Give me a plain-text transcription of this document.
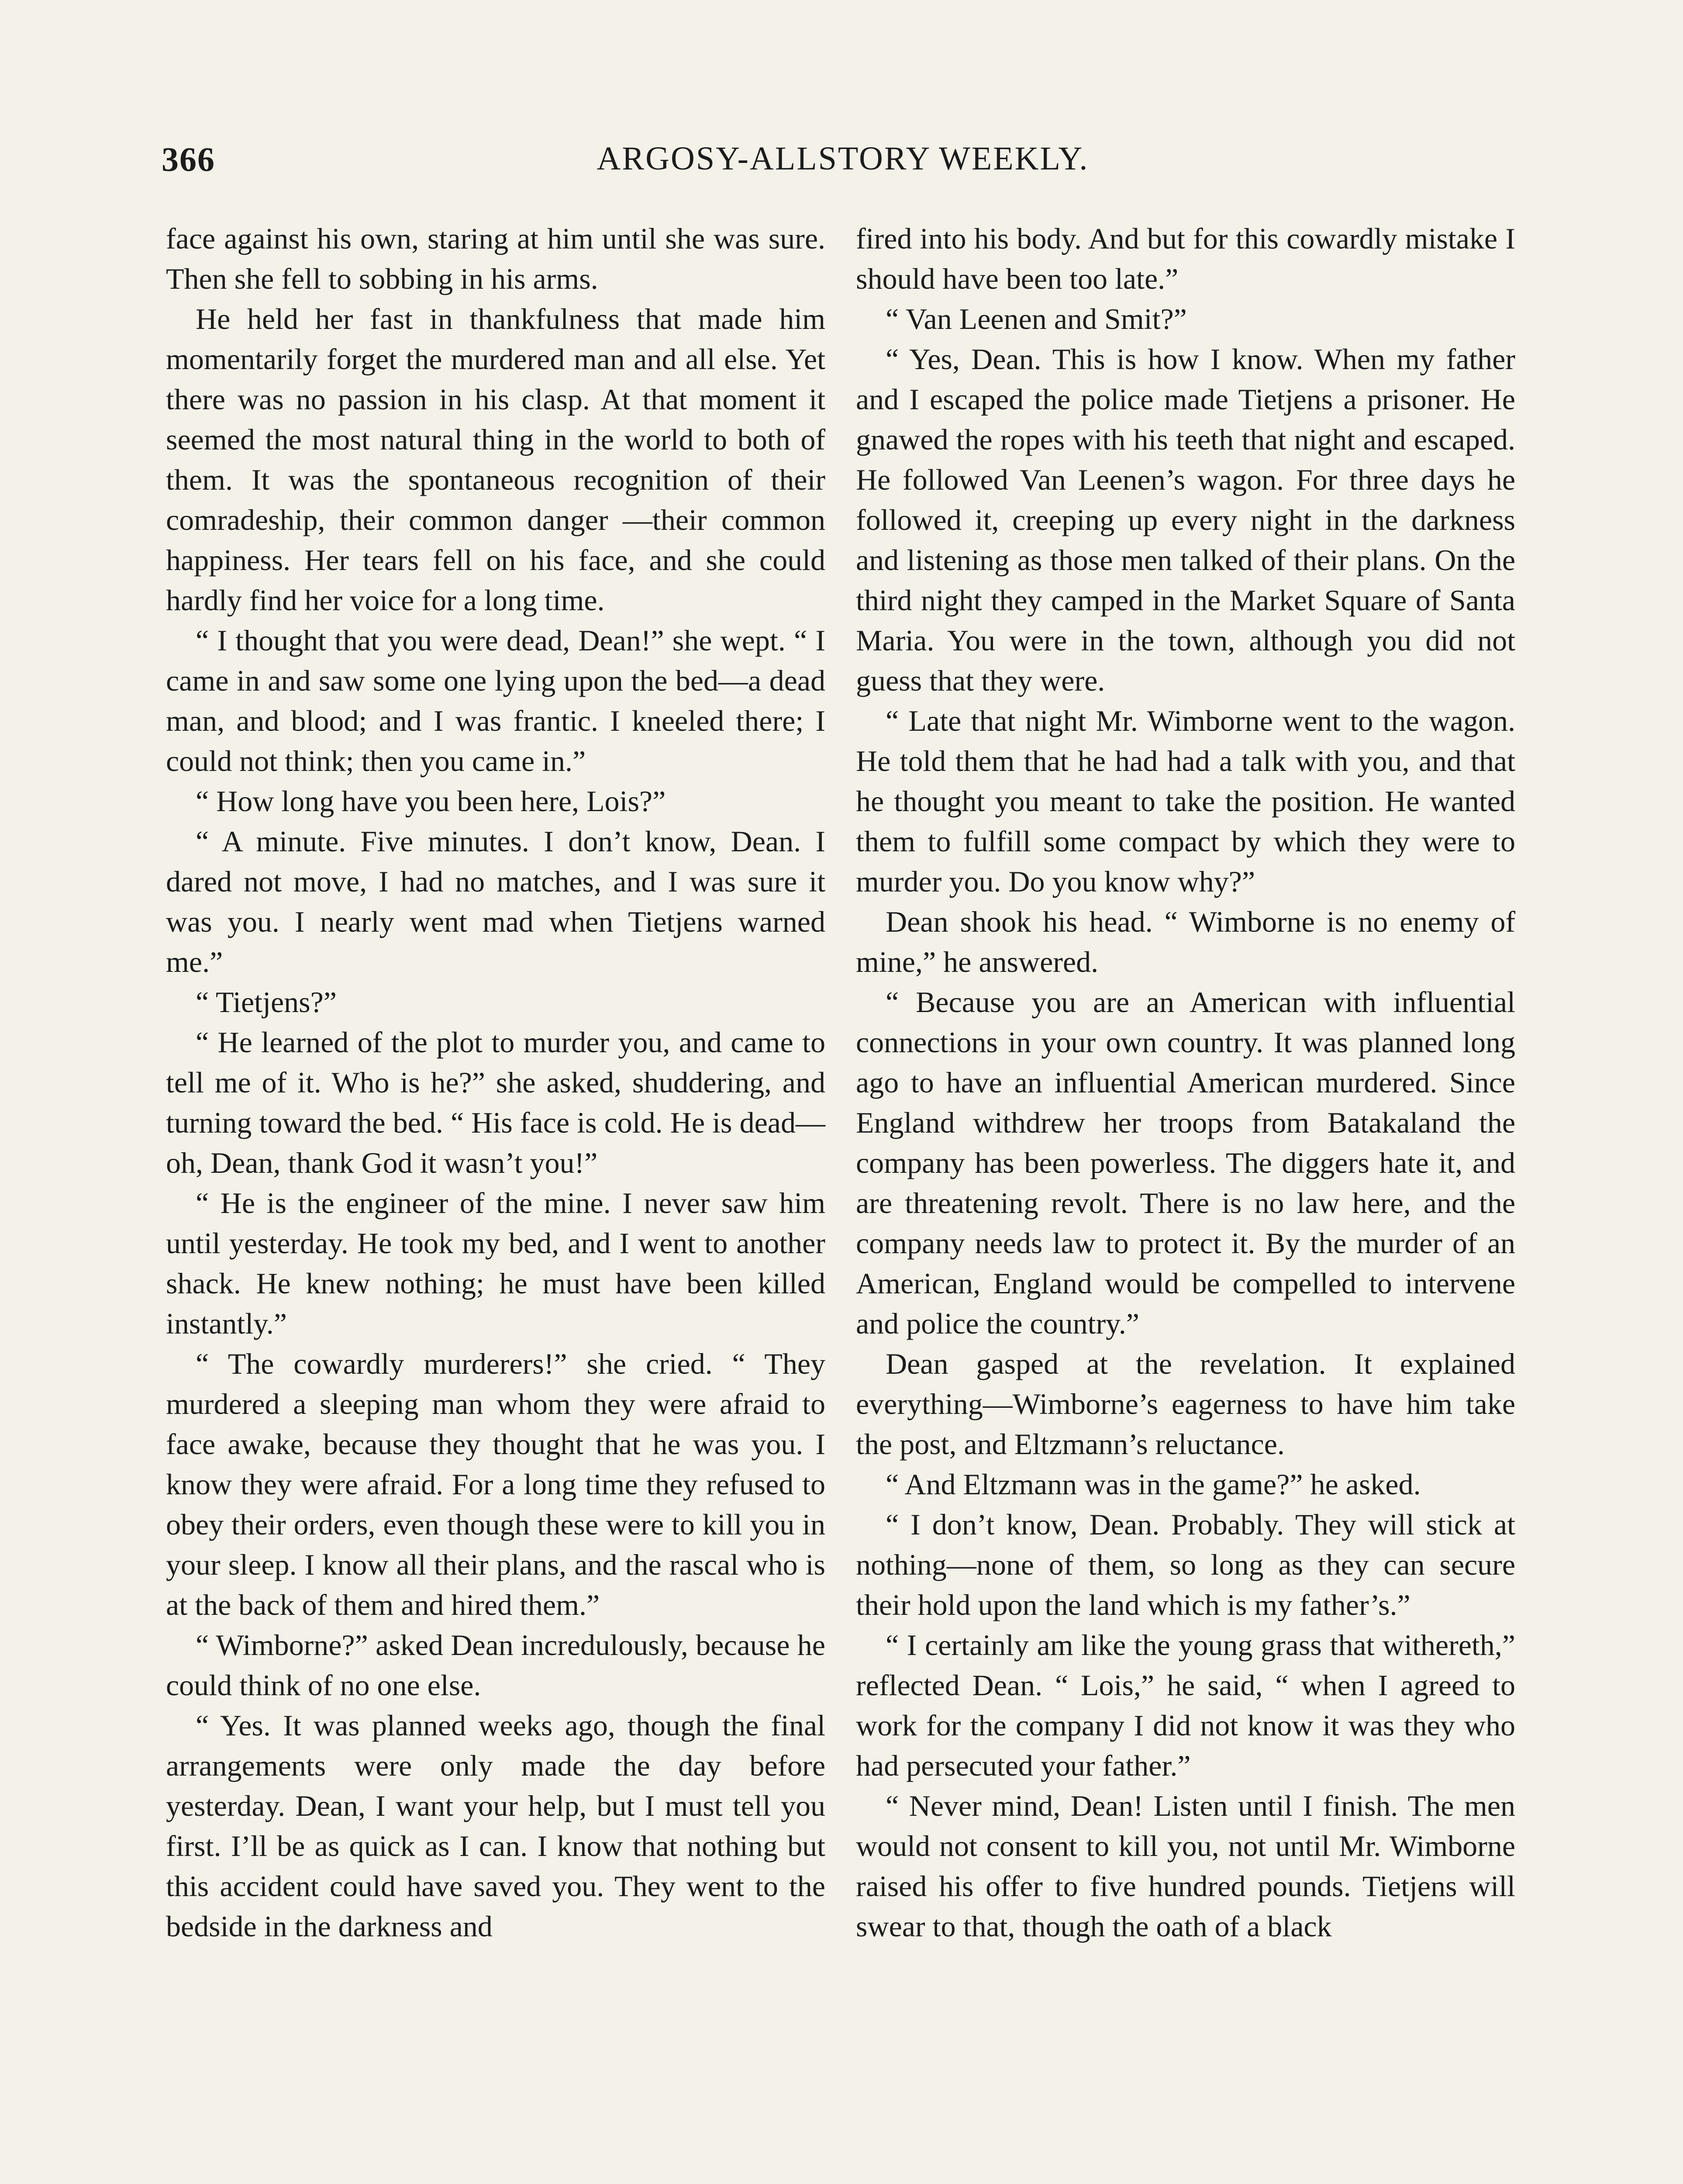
366	ARGOSY-ALLSTORY WEEKLY.

face against his own, staring at him until she was sure. Then she fell to sobbing in his arms.

He held her fast in thankfulness that made him momentarily forget the murdered man and all else. Yet there was no passion in his clasp. At that moment it seemed the most natural thing in the world to both of them. It was the spontaneous recognition of their comradeship, their common danger —their common happiness. Her tears fell on his face, and she could hardly find her voice for a long time.

“ I thought that you were dead, Dean!” she wept. “ I came in and saw some one lying upon the bed—a dead man, and blood; and I was frantic. I kneeled there; I could not think; then you came in.”

“ How long have you been here, Lois?”

“ A minute. Five minutes. I don’t know, Dean. I dared not move, I had no matches, and I was sure it was you. I nearly went mad when Tietjens warned me.”

“ Tietjens?”

“ He learned of the plot to murder you, and came to tell me of it. Who is he?” she asked, shuddering, and turning toward the bed. “ His face is cold. He is dead— oh, Dean, thank God it wasn’t you!”

“ He is the engineer of the mine. I never saw him until yesterday. He took my bed, and I went to another shack. He knew nothing; he must have been killed instantly.”

“ The cowardly murderers!” she cried. “ They murdered a sleeping man whom they were afraid to face awake, because they thought that he was you. I know they were afraid. For a long time they refused to obey their orders, even though these were to kill you in your sleep. I know all their plans, and the rascal who is at the back of them and hired them.”

“ Wimborne?” asked Dean incredulously, because he could think of no one else.

“ Yes. It was planned weeks ago, though the final arrangements were only made the day before yesterday. Dean, I want your help, but I must tell you first. I’ll be as quick as I can. I know that nothing but this accident could have saved you. They went to the bedside in the darkness and

fired into his body. And but for this cowardly mistake I should have been too late.”

“ Van Leenen and Smit?”

“ Yes, Dean. This is how I know. When my father and I escaped the police made Tietjens a prisoner. He gnawed the ropes with his teeth that night and escaped. He followed Van Leenen’s wagon. For three days he followed it, creeping up every night in the darkness and listening as those men talked of their plans. On the third night they camped in the Market Square of Santa Maria. You were in the town, although you did not guess that they were.

“ Late that night Mr. Wimborne went to the wagon. He told them that he had had a talk with you, and that he thought you meant to take the position. He wanted them to fulfill some compact by which they were to murder you. Do you know why?”

Dean shook his head. “ Wimborne is no enemy of mine,” he answered.

“ Because you are an American with influential connections in your own country. It was planned long ago to have an influential American murdered. Since England withdrew her troops from Batakaland the company has been powerless. The diggers hate it, and are threatening revolt. There is no law here, and the company needs law to protect it. By the murder of an American, England would be compelled to intervene and police the country.”

Dean gasped at the revelation. It explained everything—Wimborne’s eagerness to have him take the post, and Eltzmann’s reluctance.

“ And Eltzmann was in the game?” he asked.

“ I don’t know, Dean. Probably. They will stick at nothing—none of them, so long as they can secure their hold upon the land which is my father’s.”

“ I certainly am like the young grass that withereth,” reflected Dean. “ Lois,” he said, “ when I agreed to work for the company I did not know it was they who had persecuted your father.”

“ Never mind, Dean! Listen until I finish. The men would not consent to kill you, not until Mr. Wimborne raised his offer to five hundred pounds. Tietjens will swear to that, though the oath of a black
